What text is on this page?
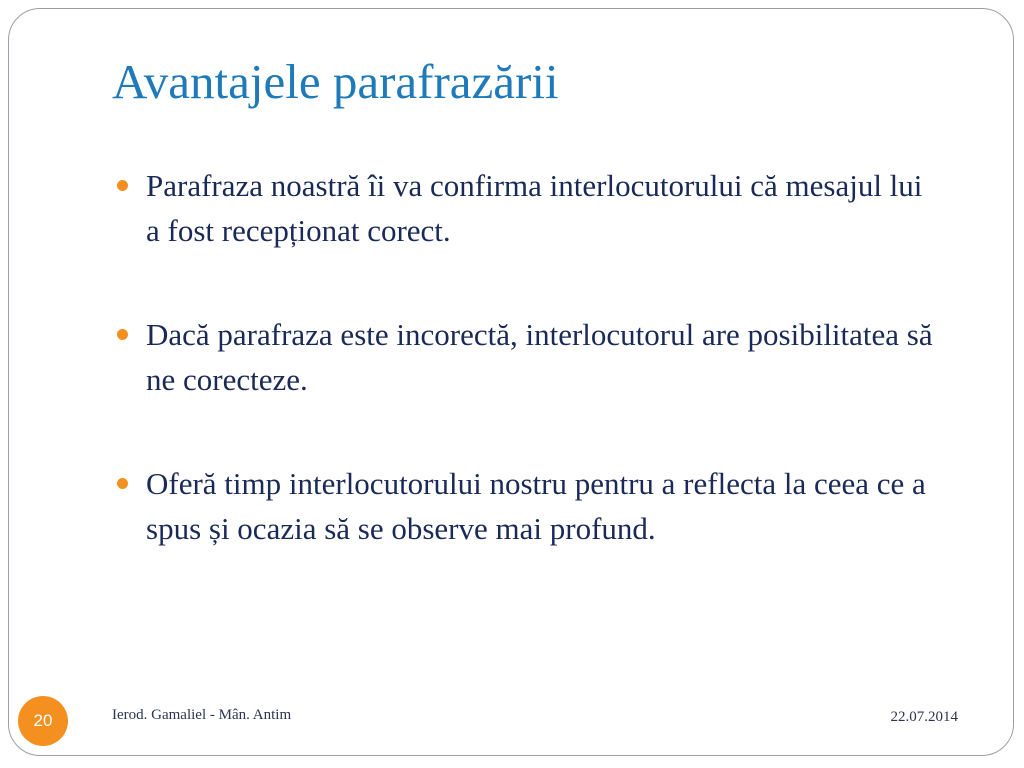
Avantajele parafrazării
Parafraza noastră îi va confirma interlocutorului că mesajul lui a fost recepționat corect.
Dacă parafraza este incorectă, interlocutorul are posibilitatea să ne corecteze.
Oferă timp interlocutorului nostru pentru a reflecta la ceea ce a spus și ocazia să se observe mai profund.
20	Ierod. Gamaliel - Mân. Antim	22.07.2014
